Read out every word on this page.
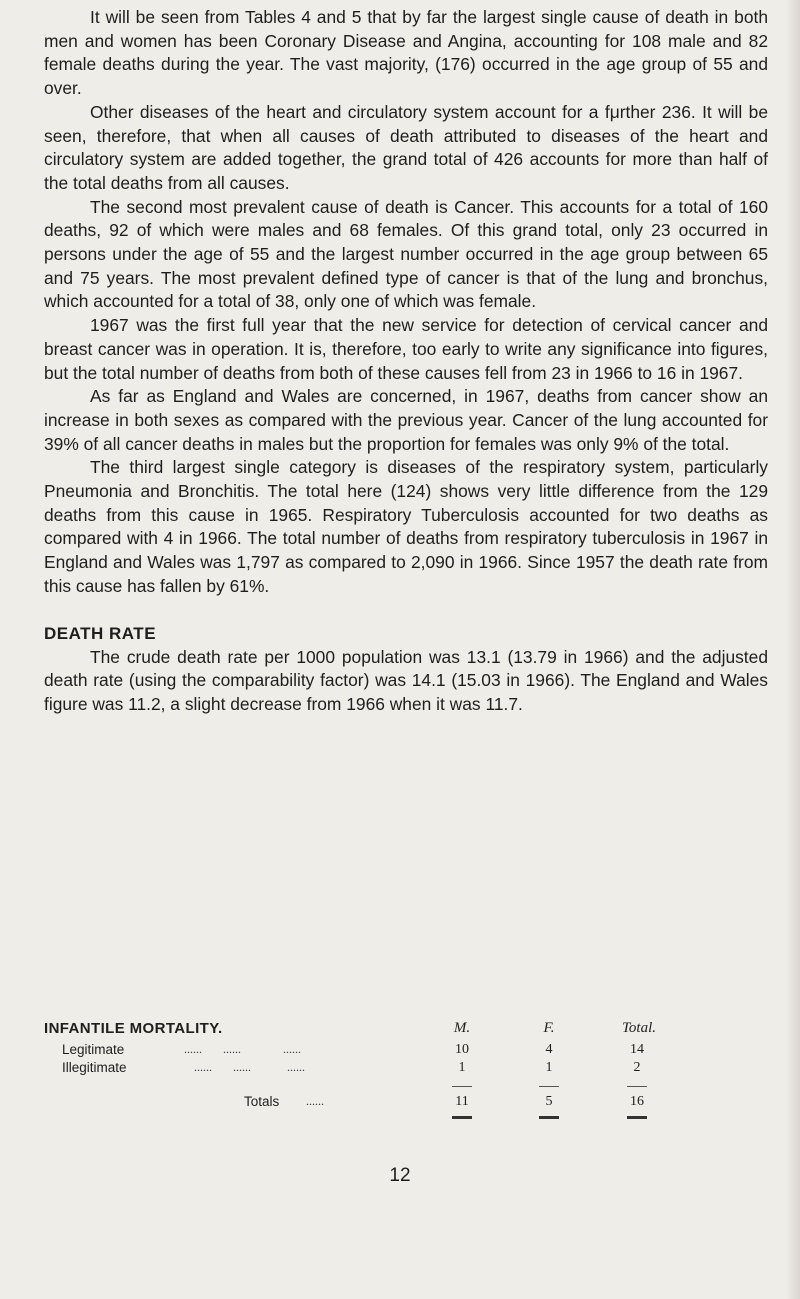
It will be seen from Tables 4 and 5 that by far the largest single cause of death in both men and women has been Coronary Disease and Angina, accounting for 108 male and 82 female deaths during the year. The vast majority, (176) occurred in the age group of 55 and over.

Other diseases of the heart and circulatory system account for a fμrther 236. It will be seen, therefore, that when all causes of death attributed to diseases of the heart and circulatory system are added together, the grand total of 426 accounts for more than half of the total deaths from all causes.

The second most prevalent cause of death is Cancer. This accounts for a total of 160 deaths, 92 of which were males and 68 females. Of this grand total, only 23 occurred in persons under the age of 55 and the largest number occurred in the age group between 65 and 75 years. The most prevalent defined type of cancer is that of the lung and bronchus, which accounted for a total of 38, only one of which was female.

1967 was the first full year that the new service for detection of cervical cancer and breast cancer was in operation. It is, therefore, too early to write any significance into figures, but the total number of deaths from both of these causes fell from 23 in 1966 to 16 in 1967.

As far as England and Wales are concerned, in 1967, deaths from cancer show an increase in both sexes as compared with the previous year. Cancer of the lung accounted for 39% of all cancer deaths in males but the proportion for females was only 9% of the total.

The third largest single category is diseases of the respiratory system, particularly Pneumonia and Bronchitis. The total here (124) shows very little difference from the 129 deaths from this cause in 1965. Respiratory Tuberculosis accounted for two deaths as compared with 4 in 1966. The total number of deaths from respiratory tuberculosis in 1967 in England and Wales was 1,797 as compared to 2,090 in 1966. Since 1957 the death rate from this cause has fallen by 61%.

DEATH RATE

The crude death rate per 1000 population was 13.1 (13.79 in 1966) and the adjusted death rate (using the comparability factor) was 14.1 (15.03 in 1966). The England and Wales figure was 11.2, a slight decrease from 1966 when it was 11.7.

INFANTILE MORTALITY.	M.	F.	Total.
Legitimate	......       ......              ......	10	4	14
Illegitimate	......       ......            ......	1	1	2
Totals ......	11	5	16
12
